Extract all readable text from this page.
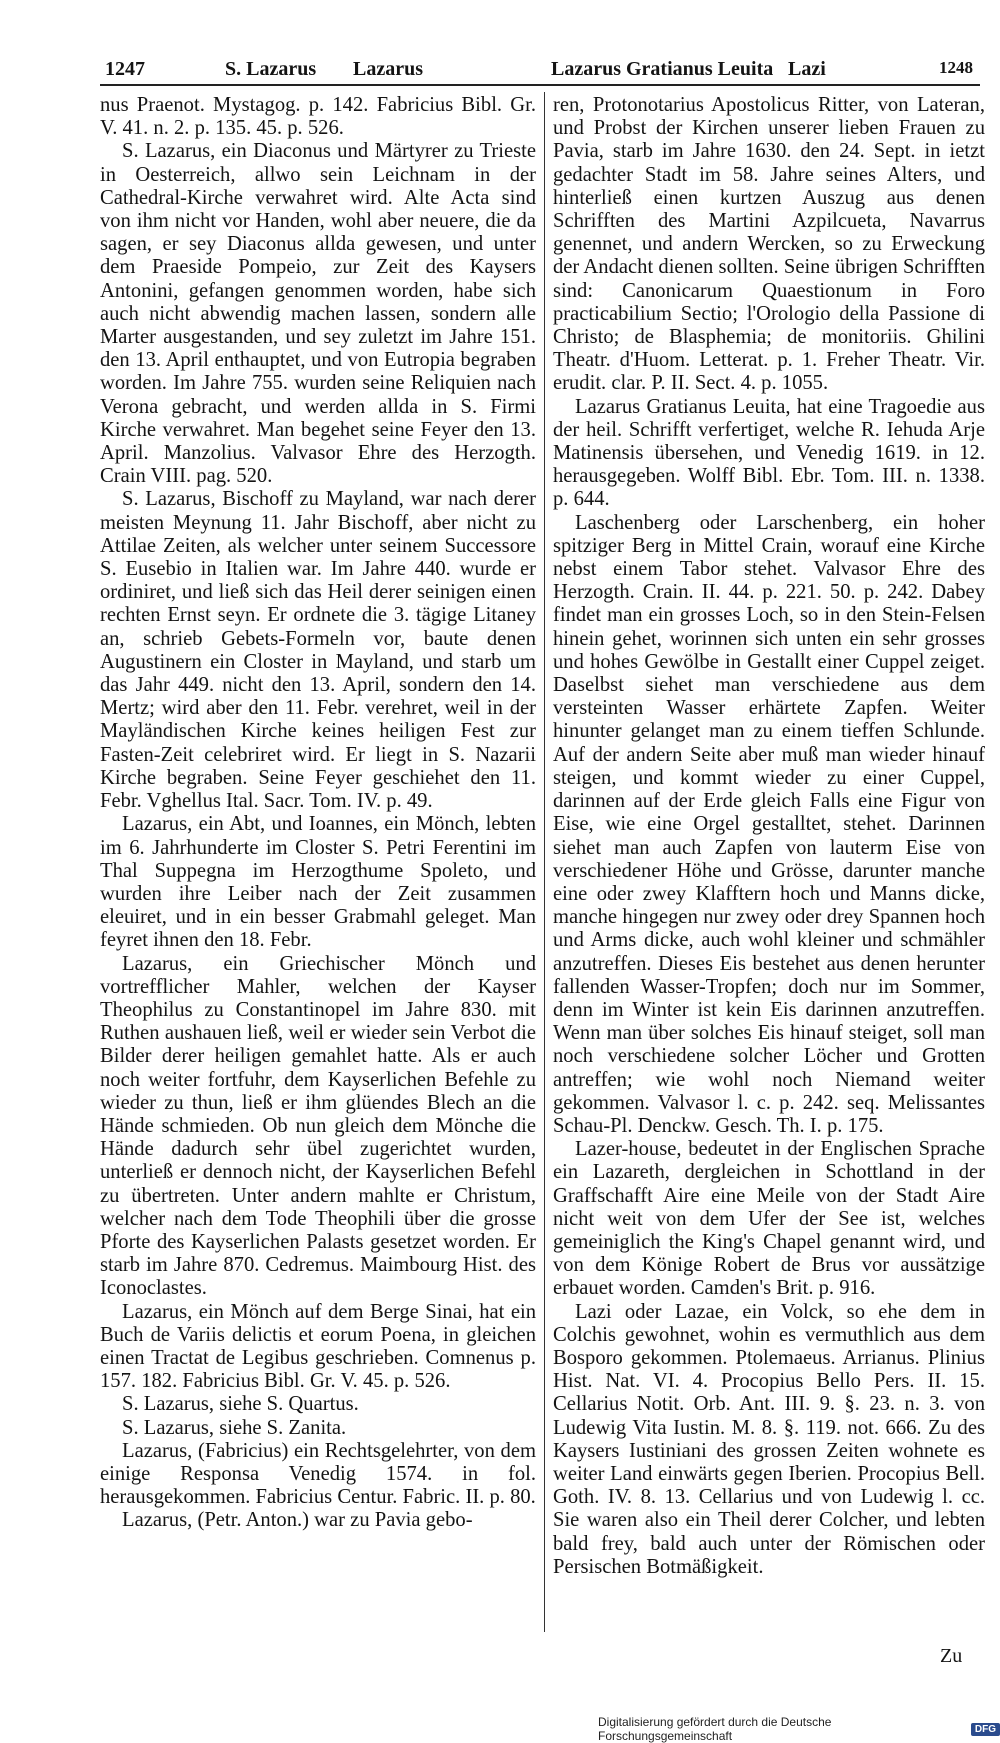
1247	S. Lazarus Lazarus	Lazarus Gratianus Leuita Lazi	1248

nus Praenot. Mystagog. p. 142. Fabricius Bibl. Gr. V. 41. n. 2. p. 135. 45. p. 526.

S. Lazarus, ein Diaconus und Märtyrer zu Trieste in Oesterreich, allwo sein Leichnam in der Cathedral-Kirche verwahret wird. Alte Acta sind von ihm nicht vor Handen, wohl aber neuere, die da sagen, er sey Diaconus allda gewesen, und unter dem Praeside Pompeio, zur Zeit des Kaysers Antonini, gefangen genommen worden, habe sich auch nicht abwendig machen lassen, sondern alle Marter ausgestanden, und sey zuletzt im Jahre 151. den 13. April enthauptet, und von Eutropia begraben worden. Im Jahre 755. wurden seine Reliquien nach Verona gebracht, und werden allda in S. Firmi Kirche verwahret. Man begehet seine Feyer den 13. April. Manzolius. Valvasor Ehre des Herzogth. Crain VIII. pag. 520.

S. Lazarus, Bischoff zu Mayland, war nach derer meisten Meynung 11. Jahr Bischoff, aber nicht zu Attilae Zeiten, als welcher unter seinem Successore S. Eusebio in Italien war. Im Jahre 440. wurde er ordiniret, und ließ sich das Heil derer seinigen einen rechten Ernst seyn. Er ordnete die 3. tägige Litaney an, schrieb Gebets-Formeln vor, baute denen Augustinern ein Closter in Mayland, und starb um das Jahr 449. nicht den 13. April, sondern den 14. Mertz; wird aber den 11. Febr. verehret, weil in der Mayländischen Kirche keines heiligen Fest zur Fasten-Zeit celebriret wird. Er liegt in S. Nazarii Kirche begraben. Seine Feyer geschiehet den 11. Febr. Vghellus Ital. Sacr. Tom. IV. p. 49.

Lazarus, ein Abt, und Ioannes, ein Mönch, lebten im 6. Jahrhunderte im Closter S. Petri Ferentini im Thal Suppegna im Herzogthume Spoleto, und wurden ihre Leiber nach der Zeit zusammen eleuiret, und in ein besser Grabmahl geleget. Man feyret ihnen den 18. Febr.

Lazarus, ein Griechischer Mönch und vortrefflicher Mahler, welchen der Kayser Theophilus zu Constantinopel im Jahre 830. mit Ruthen aushauen ließ, weil er wieder sein Verbot die Bilder derer heiligen gemahlet hatte. Als er auch noch weiter fortfuhr, dem Kayserlichen Befehle zu wieder zu thun, ließ er ihm glüendes Blech an die Hände schmieden. Ob nun gleich dem Mönche die Hände dadurch sehr übel zugerichtet wurden, unterließ er dennoch nicht, der Kayserlichen Befehl zu übertreten. Unter andern mahlte er Christum, welcher nach dem Tode Theophili über die grosse Pforte des Kayserlichen Palasts gesetzet worden. Er starb im Jahre 870. Cedremus. Maimbourg Hist. des Iconoclastes.

Lazarus, ein Mönch auf dem Berge Sinai, hat ein Buch de Variis delictis et eorum Poena, in gleichen einen Tractat de Legibus geschrieben. Comnenus p. 157. 182. Fabricius Bibl. Gr. V. 45. p. 526.

S. Lazarus, siehe S. Quartus.

S. Lazarus, siehe S. Zanita.

Lazarus, (Fabricius) ein Rechtsgelehrter, von dem einige Responsa Venedig 1574. in fol. herausgekommen. Fabricius Centur. Fabric. II. p. 80.

Lazarus, (Petr. Anton.) war zu Pavia gebo-

ren, Protonotarius Apostolicus Ritter, von Lateran, und Probst der Kirchen unserer lieben Frauen zu Pavia, starb im Jahre 1630. den 24. Sept. in ietzt gedachter Stadt im 58. Jahre seines Alters, und hinterließ einen kurtzen Auszug aus denen Schrifften des Martini Azpilcueta, Navarrus genennet, und andern Wercken, so zu Erweckung der Andacht dienen sollten. Seine übrigen Schrifften sind: Canonicarum Quaestionum in Foro practicabilium Sectio; l'Orologio della Passione di Christo; de Blasphemia; de monitoriis. Ghilini Theatr. d'Huom. Letterat. p. 1. Freher Theatr. Vir. erudit. clar. P. II. Sect. 4. p. 1055.

Lazarus Gratianus Leuita, hat eine Tragoedie aus der heil. Schrifft verfertiget, welche R. Iehuda Arje Matinensis übersehen, und Venedig 1619. in 12. herausgegeben. Wolff Bibl. Ebr. Tom. III. n. 1338. p. 644.

Laschenberg oder Larschenberg, ein hoher spitziger Berg in Mittel Crain, worauf eine Kirche nebst einem Tabor stehet. Valvasor Ehre des Herzogth. Crain. II. 44. p. 221. 50. p. 242. Dabey findet man ein grosses Loch, so in den Stein-Felsen hinein gehet, worinnen sich unten ein sehr grosses und hohes Gewölbe in Gestallt einer Cuppel zeiget. Daselbst siehet man verschiedene aus dem versteinten Wasser erhärtete Zapfen. Weiter hinunter gelanget man zu einem tieffen Schlunde. Auf der andern Seite aber muß man wieder hinauf steigen, und kommt wieder zu einer Cuppel, darinnen auf der Erde gleich Falls eine Figur von Eise, wie eine Orgel gestalltet, stehet. Darinnen siehet man auch Zapfen von lauterm Eise von verschiedener Höhe und Grösse, darunter manche eine oder zwey Klafftern hoch und Manns dicke, manche hingegen nur zwey oder drey Spannen hoch und Arms dicke, auch wohl kleiner und schmähler anzutreffen. Dieses Eis bestehet aus denen herunter fallenden Wasser-Tropfen; doch nur im Sommer, denn im Winter ist kein Eis darinnen anzutreffen. Wenn man über solches Eis hinauf steiget, soll man noch verschiedene solcher Löcher und Grotten antreffen; wie wohl noch Niemand weiter gekommen. Valvasor l. c. p. 242. seq. Melissantes Schau-Pl. Denckw. Gesch. Th. I. p. 175.

Lazer-house, bedeutet in der Englischen Sprache ein Lazareth, dergleichen in Schottland in der Graffschafft Aire eine Meile von der Stadt Aire nicht weit von dem Ufer der See ist, welches gemeiniglich the King's Chapel genannt wird, und von dem Könige Robert de Brus vor aussätzige erbauet worden. Camden's Brit. p. 916.

Lazi oder Lazae, ein Volck, so ehe dem in Colchis gewohnet, wohin es vermuthlich aus dem Bosporo gekommen. Ptolemaeus. Arrianus. Plinius Hist. Nat. VI. 4. Procopius Bello Pers. II. 15. Cellarius Notit. Orb. Ant. III. 9. §. 23. n. 3. von Ludewig Vita Iustin. M. 8. §. 119. not. 666. Zu des Kaysers Iustiniani des grossen Zeiten wohnete es weiter Land einwärts gegen Iberien. Procopius Bell. Goth. IV. 8. 13. Cellarius und von Ludewig l. cc. Sie waren also ein Theil derer Colcher, und lebten bald frey, bald auch unter der Römischen oder Persischen Botmäßigkeit.

Zu
Digitalisierung gefördert durch die Deutsche Forschungsgemeinschaft	DFG
